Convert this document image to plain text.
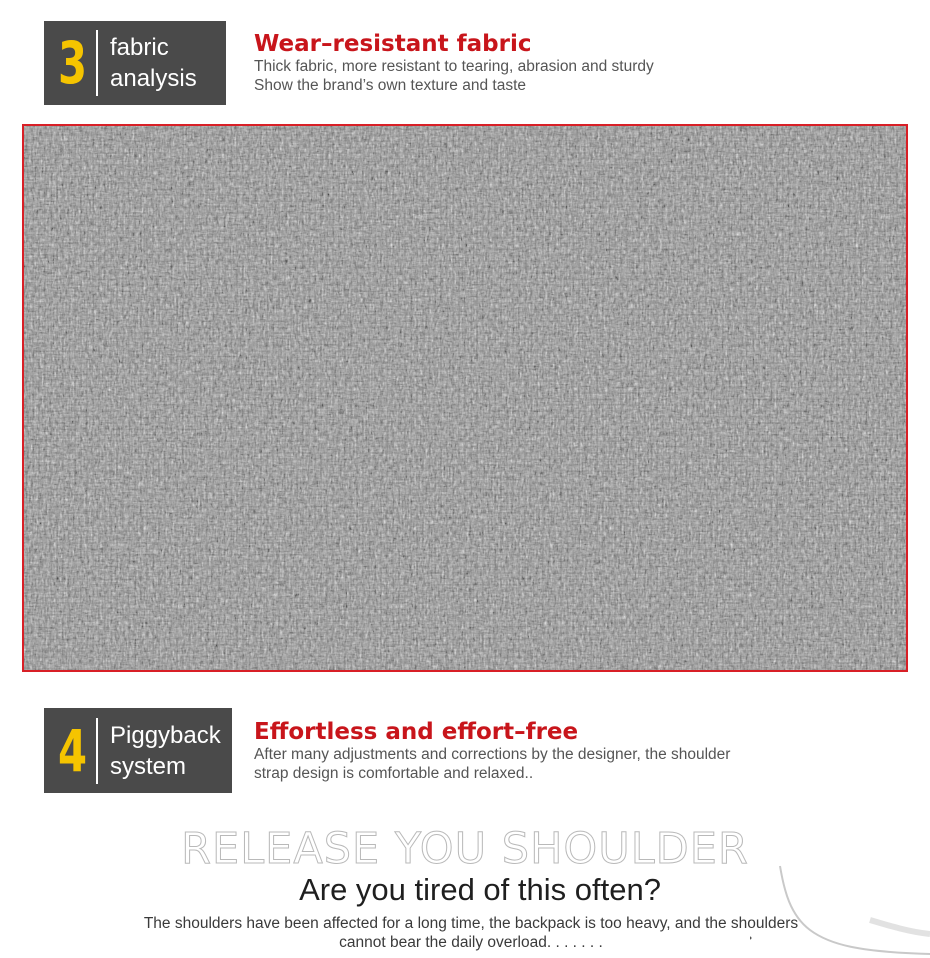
3 fabric
analysis
Wear–resistant fabric
Thick fabric, more resistant to tearing, abrasion and sturdy
Show the brand’s own texture and taste
4 Piggyback
system
Effortless and effort–free
After many adjustments and corrections by the designer, the shoulder
strap design is comfortable and relaxed..
RELEASE YOU SHOULDER
Are you tired of this often?
The shoulders have been affected for a long time, the backpack is too heavy, and the shoulders
cannot bear the daily overload. . . . . . .
